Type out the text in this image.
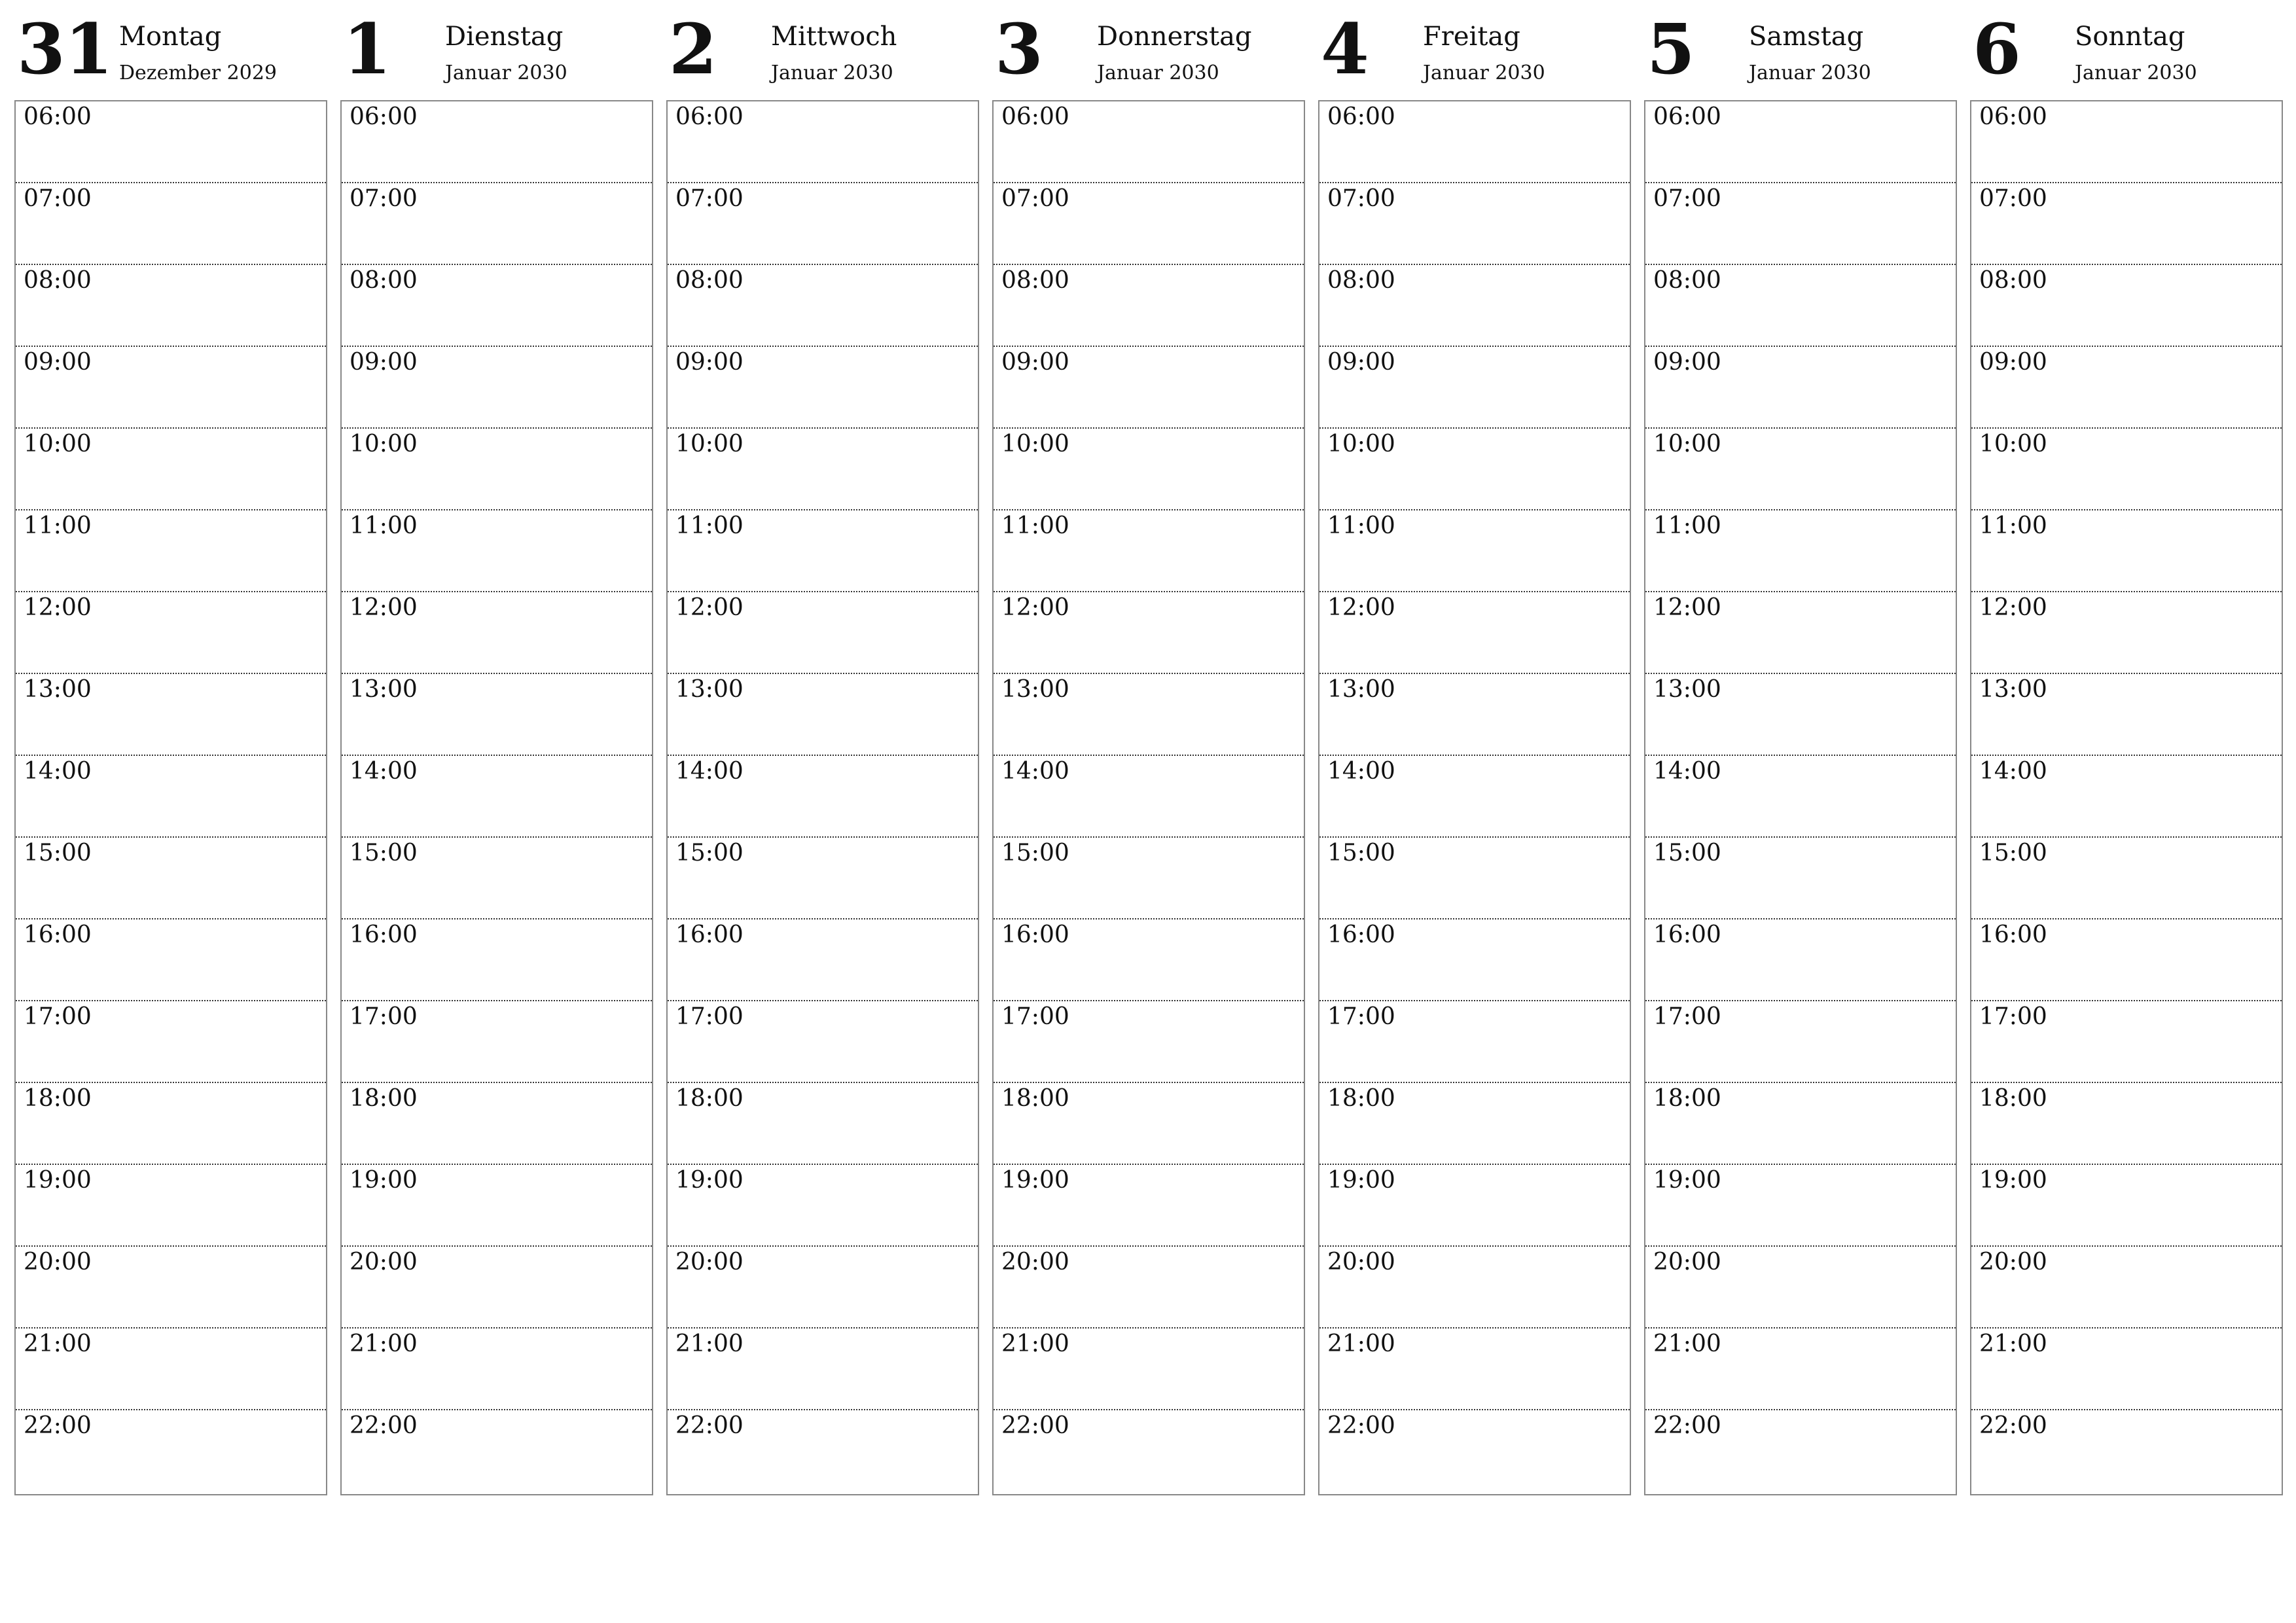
31 Montag
Dezember 2029
06:00
07:00
08:00
09:00
10:00
11:00
12:00
13:00
14:00
15:00
16:00
17:00
18:00
19:00
20:00
21:00
22:00
1 Dienstag
Januar 2030
06:00
07:00
08:00
09:00
10:00
11:00
12:00
13:00
14:00
15:00
16:00
17:00
18:00
19:00
20:00
21:00
22:00
2 Mittwoch
Januar 2030
06:00
07:00
08:00
09:00
10:00
11:00
12:00
13:00
14:00
15:00
16:00
17:00
18:00
19:00
20:00
21:00
22:00
3 Donnerstag
Januar 2030
06:00
07:00
08:00
09:00
10:00
11:00
12:00
13:00
14:00
15:00
16:00
17:00
18:00
19:00
20:00
21:00
22:00
4 Freitag
Januar 2030
06:00
07:00
08:00
09:00
10:00
11:00
12:00
13:00
14:00
15:00
16:00
17:00
18:00
19:00
20:00
21:00
22:00
5 Samstag
Januar 2030
06:00
07:00
08:00
09:00
10:00
11:00
12:00
13:00
14:00
15:00
16:00
17:00
18:00
19:00
20:00
21:00
22:00
6 Sonntag
Januar 2030
06:00
07:00
08:00
09:00
10:00
11:00
12:00
13:00
14:00
15:00
16:00
17:00
18:00
19:00
20:00
21:00
22:00
